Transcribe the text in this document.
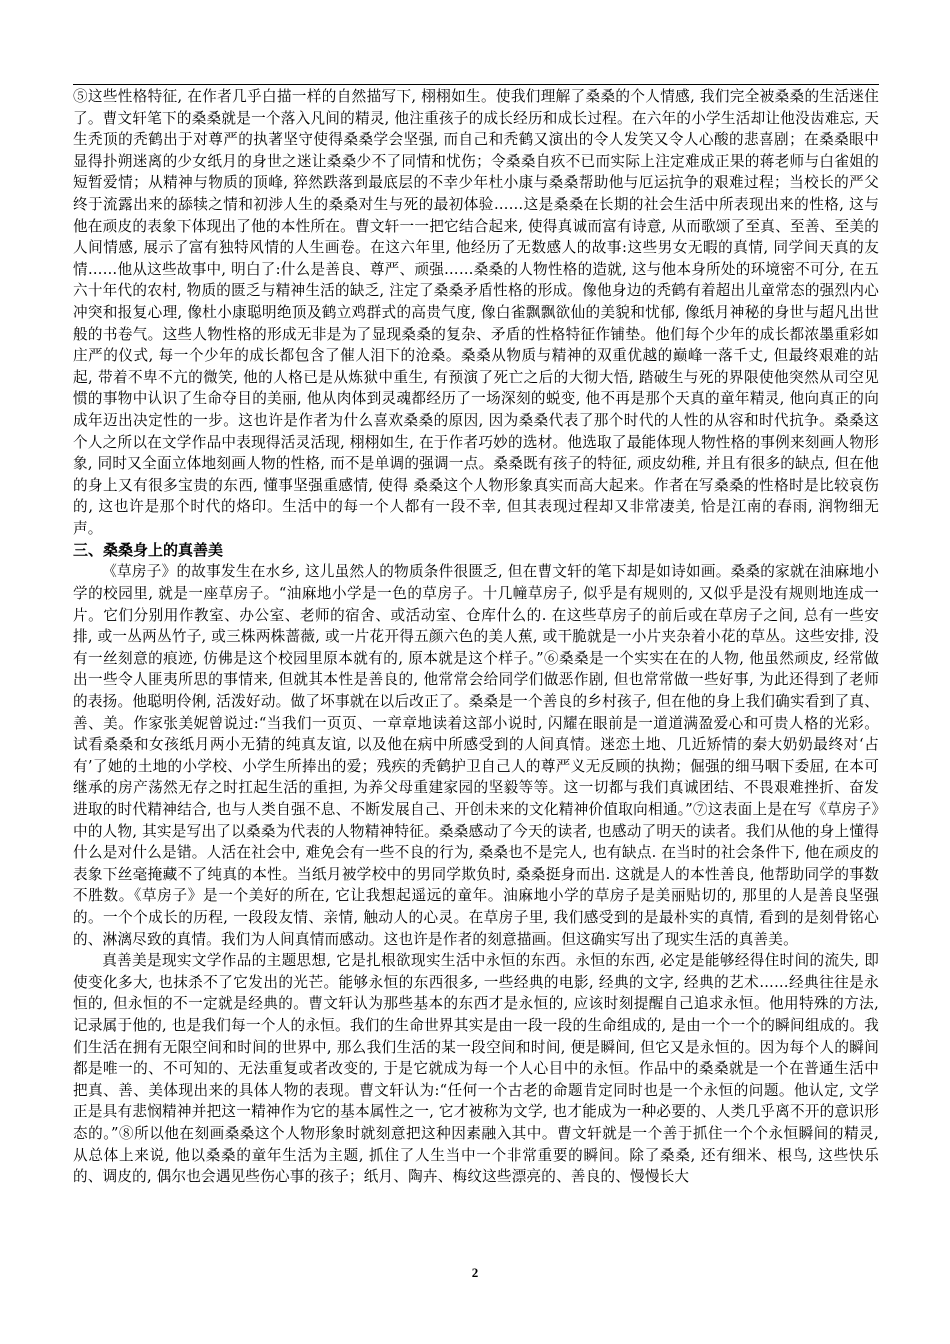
⑤这些性格特征, 在作者几乎白描一样的自然描写下, 栩栩如生。使我们理解了桑桑的个人情感, 我们完全被桑桑的生活迷住了。曹文轩笔下的桑桑就是一个落入凡间的精灵, 他注重孩子的成长经历和成长过程。在六年的小学生活却让他没齿难忘, 天生秃顶的秃鹤出于对尊严的执著坚守使得桑桑学会坚强, 而自己和秃鹤又演出的令人发笑又令人心酸的悲喜剧；在桑桑眼中显得扑朔迷离的少女纸月的身世之迷让桑桑少不了同情和忧伤；令桑桑自疚不已而实际上注定难成正果的蒋老师与白雀姐的短暂爱情；从精神与物质的顶峰, 猝然跌落到最底层的不幸少年杜小康与桑桑帮助他与厄运抗争的艰难过程；当校长的严父终于流露出来的舔犊之情和初涉人生的桑桑对生与死的最初体验……这是桑桑在长期的社会生活中所表现出来的性格, 这与他在顽皮的表象下体现出了他的本性所在。曹文轩一一把它结合起来, 使得真诚而富有诗意, 从而歌颂了至真、至善、至美的人间情感, 展示了富有独特风情的人生画卷。在这六年里, 他经历了无数感人的故事:这些男女无暇的真情, 同学间天真的友情……他从这些故事中, 明白了:什么是善良、尊严、顽强……桑桑的人物性格的造就, 这与他本身所处的环境密不可分, 在五六十年代的农村, 物质的匮乏与精神生活的缺乏, 注定了桑桑矛盾性格的形成。像他身边的秃鹤有着超出儿童常态的强烈内心冲突和报复心理, 像杜小康聪明绝顶及鹤立鸡群式的高贵气度, 像白雀飘飘欲仙的美貌和忧郁, 像纸月神秘的身世与超凡出世般的书卷气。这些人物性格的形成无非是为了显现桑桑的复杂、矛盾的性格特征作铺垫。他们每个少年的成长都浓墨重彩如庄严的仪式, 每一个少年的成长都包含了催人泪下的沧桑。桑桑从物质与精神的双重优越的巅峰一落千丈, 但最终艰难的站起, 带着不卑不亢的微笑, 他的人格已是从炼狱中重生, 有预演了死亡之后的大彻大悟, 踏破生与死的界限使他突然从司空见惯的事物中认识了生命夺目的美丽, 他从肉体到灵魂都经历了一场深刻的蜕变, 他不再是那个天真的童年精灵, 他向真正的向成年迈出决定性的一步。这也许是作者为什么喜欢桑桑的原因, 因为桑桑代表了那个时代的人性的从容和时代抗争。桑桑这个人之所以在文学作品中表现得活灵活现, 栩栩如生, 在于作者巧妙的选材。他选取了最能体现人物性格的事例来刻画人物形象, 同时又全面立体地刻画人物的性格, 而不是单调的强调一点。桑桑既有孩子的特征, 顽皮幼稚, 并且有很多的缺点, 但在他的身上又有很多宝贵的东西, 懂事坚强重感情, 使得 桑桑这个人物形象真实而高大起来。作者在写桑桑的性格时是比较哀伤的, 这也许是那个时代的烙印。生活中的每一个人都有一段不幸, 但其表现过程却又非常凄美, 恰是江南的春雨, 润物细无声。

三、桑桑身上的真善美

《草房子》的故事发生在水乡, 这儿虽然人的物质条件很匮乏, 但在曹文轩的笔下却是如诗如画。桑桑的家就在油麻地小学的校园里, 就是一座草房子。“油麻地小学是一色的草房子。十几幢草房子, 似乎是有规则的, 又似乎是没有规则地连成一片。它们分别用作教室、办公室、老师的宿舍、或活动室、仓库什么的. 在这些草房子的前后或在草房子之间, 总有一些安排, 或一丛两丛竹子, 或三株两株蔷薇, 或一片花开得五颜六色的美人蕉, 或干脆就是一小片夹杂着小花的草丛。这些安排, 没有一丝刻意的痕迹, 仿佛是这个校园里原本就有的, 原本就是这个样子。”⑥桑桑是一个实实在在的人物, 他虽然顽皮, 经常做出一些令人匪夷所思的事情来, 但就其本性是善良的, 他常常会给同学们做恶作剧, 但也常常做一些好事, 为此还得到了老师的表扬。他聪明伶俐, 活泼好动。做了坏事就在以后改正了。桑桑是一个善良的乡村孩子, 但在他的身上我们确实看到了真、善、美。作家张美妮曾说过:“当我们一页页、一章章地读着这部小说时, 闪耀在眼前是一道道满盈爱心和可贵人格的光彩。试看桑桑和女孩纸月两小无猜的纯真友谊, 以及他在病中所感受到的人间真情。迷恋土地、几近矫情的秦大奶奶最终对‘占有’了她的土地的小学校、小学生所捧出的爱；残疾的秃鹤护卫自己人的尊严义无反顾的执拗；倔强的细马咽下委屈, 在本可继承的房产荡然无存之时扛起生活的重担, 为养父母重建家园的坚毅等等。这一切都与我们真诚团结、不畏艰难挫折、奋发进取的时代精神结合, 也与人类自强不息、不断发展自己、开创未来的文化精神价值取向相通。”⑦这表面上是在写《草房子》中的人物, 其实是写出了以桑桑为代表的人物精神特征。桑桑感动了今天的读者, 也感动了明天的读者。我们从他的身上懂得什么是对什么是错。人活在社会中, 难免会有一些不良的行为, 桑桑也不是完人, 也有缺点. 在当时的社会条件下, 他在顽皮的表象下丝毫掩藏不了纯真的本性。当纸月被学校中的男同学欺负时, 桑桑挺身而出. 这就是人的本性善良, 他帮助同学的事数不胜数。《草房子》是一个美好的所在, 它让我想起遥远的童年。油麻地小学的草房子是美丽贴切的, 那里的人是善良坚强的。一个个成长的历程, 一段段友情、亲情, 触动人的心灵。在草房子里, 我们感受到的是最朴实的真情, 看到的是刻骨铭心的、淋漓尽致的真情。我们为人间真情而感动。这也许是作者的刻意描画。但这确实写出了现实生活的真善美。

真善美是现实文学作品的主题思想, 它是扎根欲现实生活中永恒的东西。永恒的东西, 必定是能够经得住时间的流失, 即使变化多大, 也抹杀不了它发出的光芒。能够永恒的东西很多, 一些经典的电影, 经典的文字, 经典的艺术……经典往往是永恒的, 但永恒的不一定就是经典的。曹文轩认为那些基本的东西才是永恒的, 应该时刻提醒自己追求永恒。他用特殊的方法, 记录属于他的, 也是我们每一个人的永恒。我们的生命世界其实是由一段一段的生命组成的, 是由一个一个的瞬间组成的。我们生活在拥有无限空间和时间的世界中, 那么我们生活的某一段空间和时间, 便是瞬间, 但它又是永恒的。因为每个人的瞬间都是唯一的、不可知的、无法重复或者改变的, 于是它就成为每一个人心目中的永恒。作品中的桑桑就是一个在普通生活中把真、善、美体现出来的具体人物的表现。曹文轩认为:“任何一个古老的命题肯定同时也是一个永恒的问题。他认定, 文学正是具有悲悯精神并把这一精神作为它的基本属性之一, 它才被称为文学, 也才能成为一种必要的、人类几乎离不开的意识形态的。”⑧所以他在刻画桑桑这个人物形象时就刻意把这种因素融入其中。曹文轩就是一个善于抓住一个个永恒瞬间的精灵, 从总体上来说, 他以桑桑的童年生活为主题, 抓住了人生当中一个非常重要的瞬间。除了桑桑, 还有细米、根鸟, 这些快乐的、调皮的, 偶尔也会遇见些伤心事的孩子；纸月、陶卉、梅纹这些漂亮的、善良的、慢慢长大

2
